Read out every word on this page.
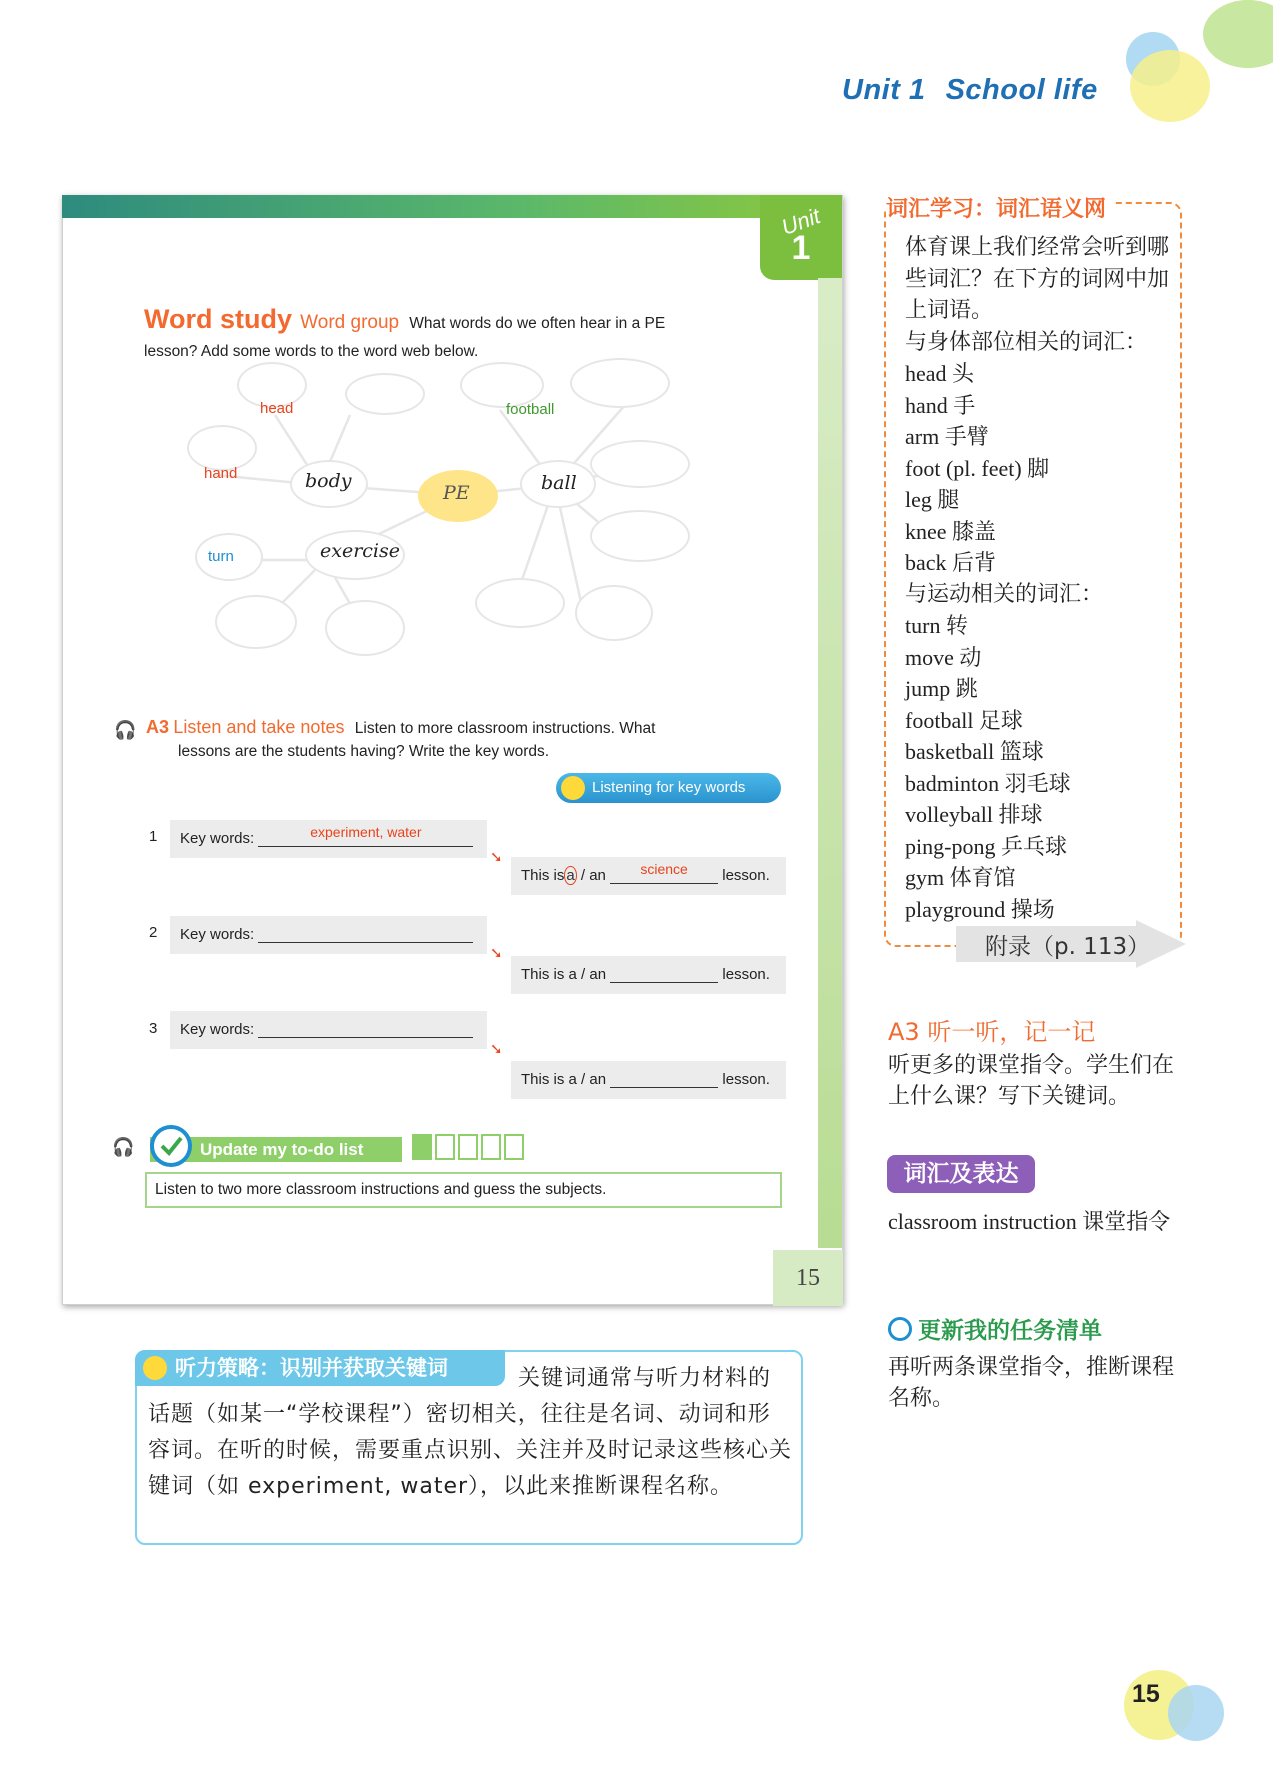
Unit 1 School life
Unit
1
Word study Word group What words do we often hear in a PE
lesson? Add some words to the word web below.
head
hand
turn
football
body	ball
exercise
PE
🎧 A3 Listen and take notes Listen to more classroom instructions. What
lessons are the students having? Write the key words.
Listening for key words
1	Key words:	experiment, water
➘
This is a / an	science	lesson.
2	Key words:
➘
This is a / an	lesson.
3	Key words:
➘
This is a / an	lesson.
🎧	Update my to-do list
Listen to two more classroom instructions and guess the subjects.
15
关键词通常与听力材料的话题（如某一“学校课程”）密切相关，往往是名词、动词和形容词。在听的时候，需要重点识别、关注并及时记录这些核心关键词（如 experiment, water），以此来推断课程名称。
听力策略：识别并获取关键词
词汇学习：词汇语义网
体育课上我们经常会听到哪些词汇？在下方的词网中加上词语。
与身体部位相关的词汇：
head 头
hand 手
arm 手臂
foot (pl. feet) 脚
leg 腿
knee 膝盖
back 后背
与运动相关的词汇：
turn 转
move 动
jump 跳
football 足球
basketball 篮球
badminton 羽毛球
volleyball 排球
ping-pong 乒乓球
gym 体育馆
playground 操场
附录（p. 113）
A3 听一听，记一记
听更多的课堂指令。学生们在上什么课？写下关键词。
词汇及表达
classroom instruction 课堂指令
更新我的任务清单
再听两条课堂指令，推断课程名称。
15
